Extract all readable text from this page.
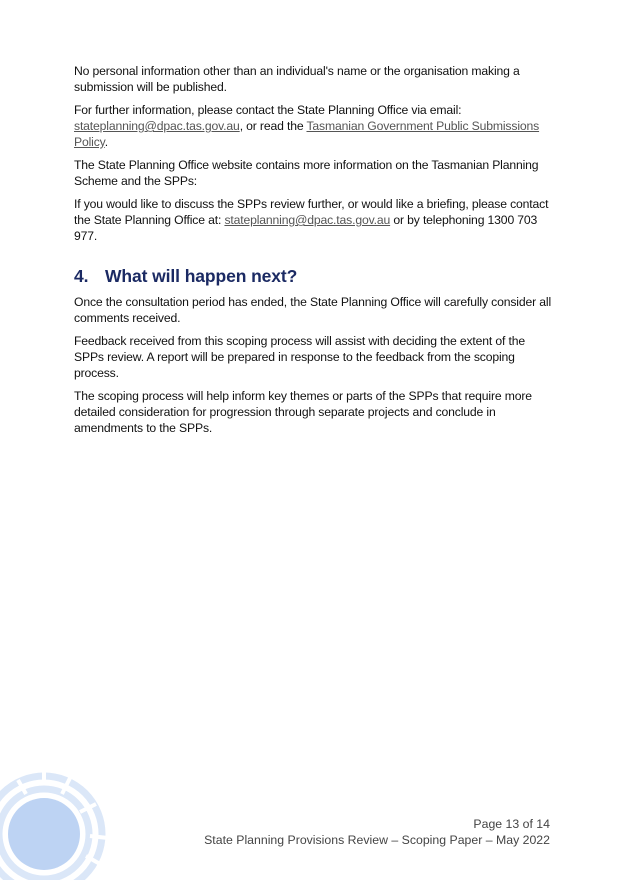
No personal information other than an individual's name or the organisation making a submission will be published.

For further information, please contact the State Planning Office via email: stateplanning@dpac.tas.gov.au, or read the Tasmanian Government Public Submissions Policy.

The State Planning Office website contains more information on the Tasmanian Planning Scheme and the SPPs:

If you would like to discuss the SPPs review further, or would like a briefing, please contact the State Planning Office at: stateplanning@dpac.tas.gov.au or by telephoning 1300 703 977.

4. What will happen next?

Once the consultation period has ended, the State Planning Office will carefully consider all comments received.

Feedback received from this scoping process will assist with deciding the extent of the SPPs review. A report will be prepared in response to the feedback from the scoping process.

The scoping process will help inform key themes or parts of the SPPs that require more detailed consideration for progression through separate projects and conclude in amendments to the SPPs.

Page 13 of 14
State Planning Provisions Review – Scoping Paper – May 2022
